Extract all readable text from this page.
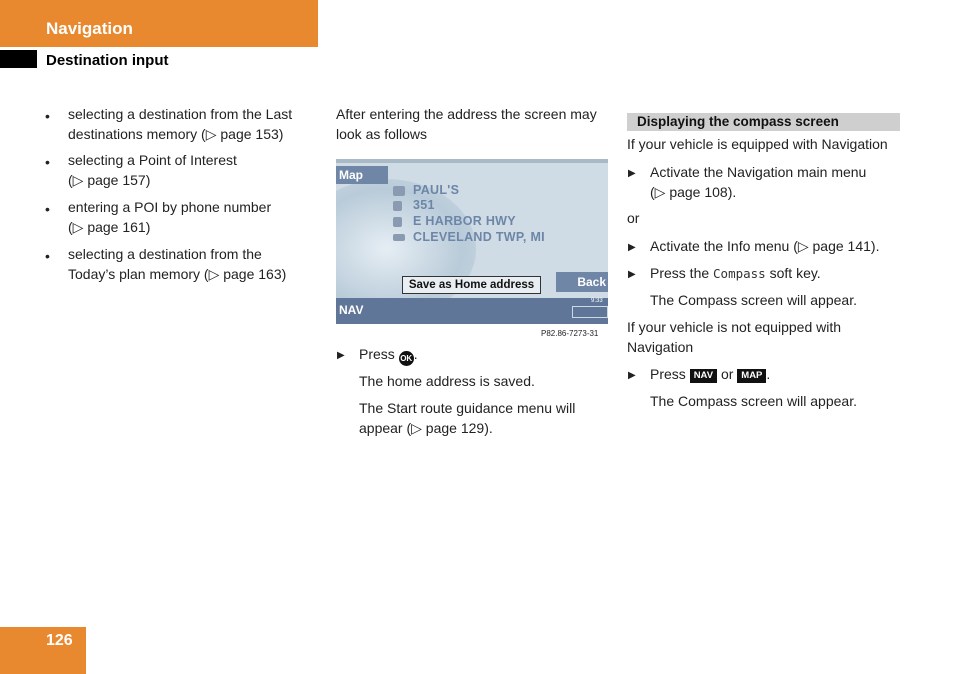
Navigation
Destination input
• selecting a destination from the Last
destinations memory (▷ page 153)
• selecting a Point of Interest
(▷ page 157)
• entering a POI by phone number
(▷ page 161)
• selecting a destination from the
Today’s plan memory (▷ page 163)
After entering the address the screen may
look as follows
Map
PAUL'S
351
E HARBOR HWY
CLEVELAND TWP, MI
Save as Home address	Back
NAV
9:33
P82.86-7273-31
▶ Press OK .
The home address is saved.
The Start route guidance menu will
appear (▷ page 129).
Displaying the compass screen
If your vehicle is equipped with Navigation
▶ Activate the Navigation main menu
(▷ page 108).
or
▶ Activate the Info menu (▷ page 141).
▶ Press the Compass soft key.
The Compass screen will appear.
If your vehicle is not equipped with
Navigation
▶ Press NAV or MAP .
The Compass screen will appear.
126
